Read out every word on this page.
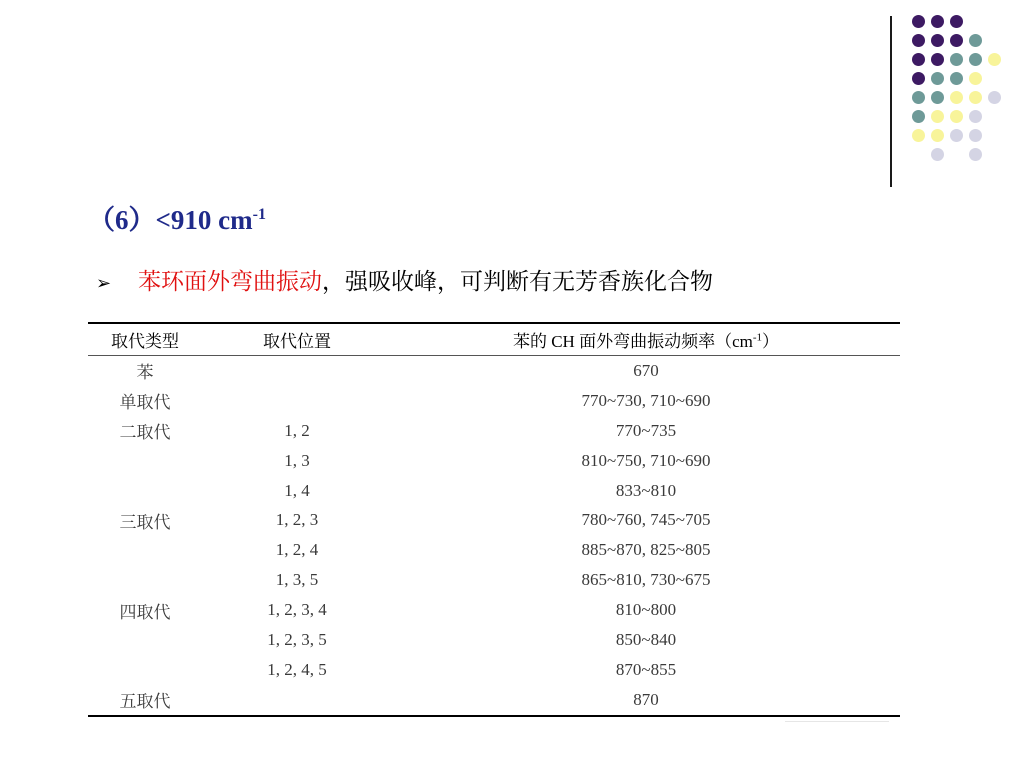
（6）<910 $cm^{-1}$
➢ 苯环面外弯曲振动，强吸收峰，可判断有无芳香族化合物
取代类型	取代位置	苯的 CH 面外弯曲振动频率$(cm^{-1})$
苯		670
单取代		770~730, 710~690
二取代	1, 2	770~735
	1, 3	810~750, 710~690
	1, 4	833~810
三取代	1, 2, 3	780~760, 745~705
	1, 2, 4	885~870, 825~805
	1, 3, 5	865~810, 730~675
四取代	1, 2, 3, 4	810~800
	1, 2, 3, 5	850~840
	1, 2, 4, 5	870~855
五取代		870
